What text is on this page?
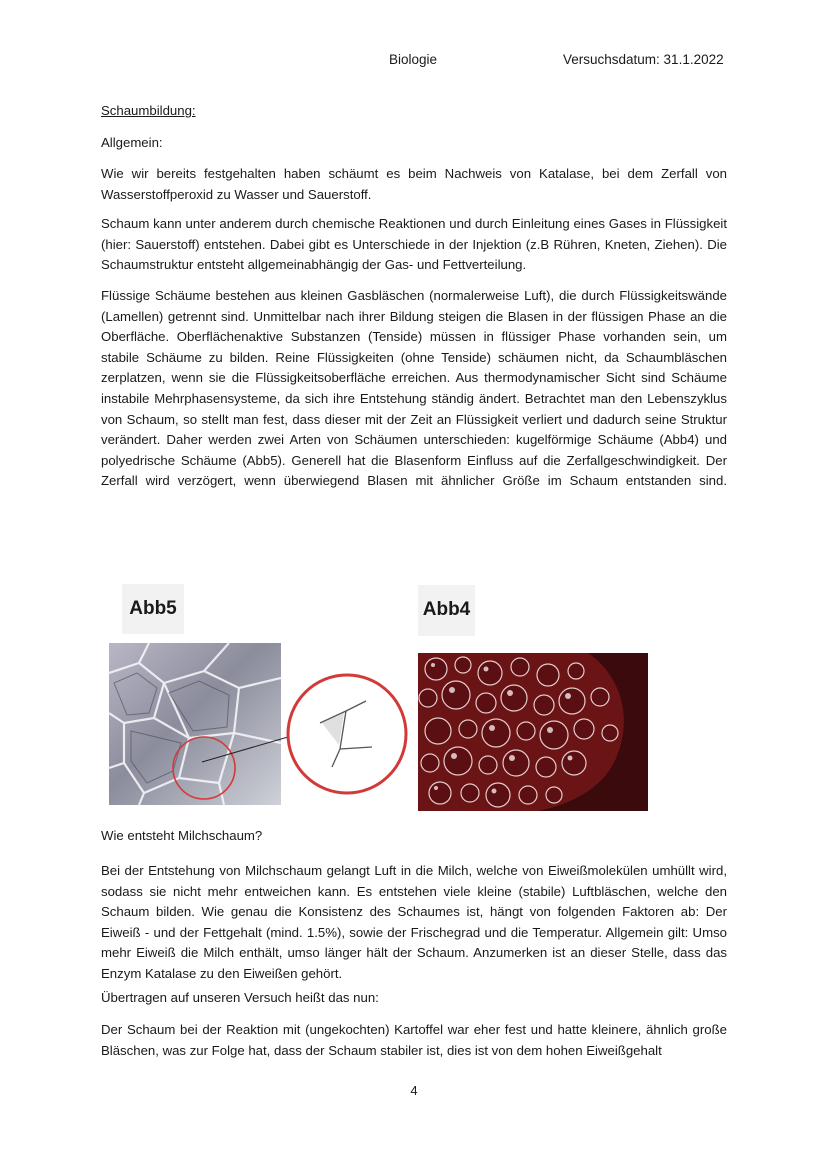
Biologie	Versuchsdatum: 31.1.2022
Schaumbildung:
Allgemein:

Wie wir bereits festgehalten haben schäumt es beim Nachweis von Katalase, bei dem Zerfall von Wasserstoffperoxid zu Wasser und Sauerstoff.

Schaum kann unter anderem durch chemische Reaktionen und durch Einleitung eines Gases in Flüssigkeit (hier: Sauerstoff) entstehen. Dabei gibt es Unterschiede in der Injektion (z.B Rühren, Kneten, Ziehen). Die Schaumstruktur entsteht allgemeinabhängig der Gas- und Fettverteilung.

Flüssige Schäume bestehen aus kleinen Gasbläschen (normalerweise Luft), die durch Flüssigkeitswände (Lamellen) getrennt sind. Unmittelbar nach ihrer Bildung steigen die Blasen in der flüssigen Phase an die Oberfläche. Oberflächenaktive Substanzen (Tenside) müssen in flüssiger Phase vorhanden sein, um stabile Schäume zu bilden. Reine Flüssigkeiten (ohne Tenside) schäumen nicht, da Schaumbläschen zerplatzen, wenn sie die Flüssigkeitsoberfläche erreichen. Aus thermodynamischer Sicht sind Schäume instabile Mehrphasensysteme, da sich ihre Entstehung ständig ändert. Betrachtet man den Lebenszyklus von Schaum, so stellt man fest, dass dieser mit der Zeit an Flüssigkeit verliert und dadurch seine Struktur verändert. Daher werden zwei Arten von Schäumen unterschieden: kugelförmige Schäume (Abb4) und polyedrische Schäume (Abb5). Generell hat die Blasenform Einfluss auf die Zerfallgeschwindigkeit. Der Zerfall wird verzögert, wenn überwiegend Blasen mit ähnlicher Größe im Schaum entstanden sind.

Abb5	Abb4
Wie entsteht Milchschaum?

Bei der Entstehung von Milchschaum gelangt Luft in die Milch, welche von Eiweißmolekülen umhüllt wird, sodass sie nicht mehr entweichen kann. Es entstehen viele kleine (stabile) Luftbläschen, welche den Schaum bilden. Wie genau die Konsistenz des Schaumes ist, hängt von folgenden Faktoren ab: Der Eiweiß - und der Fettgehalt (mind. 1.5%), sowie der Frischegrad und die Temperatur. Allgemein gilt: Umso mehr Eiweiß die Milch enthält, umso länger hält der Schaum. Anzumerken ist an dieser Stelle, dass das Enzym Katalase zu den Eiweißen gehört.

Übertragen auf unseren Versuch heißt das nun:

Der Schaum bei der Reaktion mit (ungekochten) Kartoffel war eher fest und hatte kleinere, ähnlich große Bläschen, was zur Folge hat, dass der Schaum stabiler ist, dies ist von dem hohen Eiweißgehalt

4
